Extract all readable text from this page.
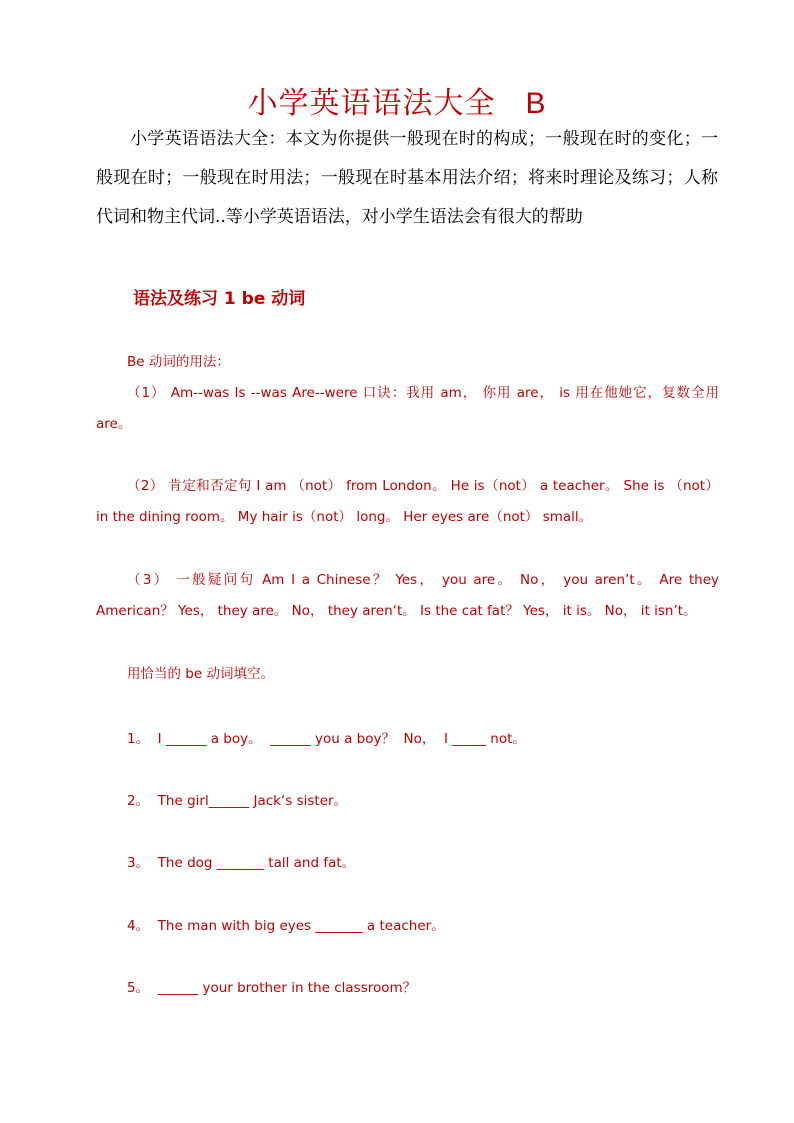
小学英语语法大全 B
小学英语语法大全：本文为你提供一般现在时的构成；一般现在时的变化；一般现在时；一般现在时用法；一般现在时基本用法介绍；将来时理论及练习；人称代词和物主代词..等小学英语语法，对小学生语法会有很大的帮助
语法及练习 1 be 动词
Be 动词的用法：
（1） Am--was Is --was Are--were 口诀：我用 am， 你用 are， is 用在他她它，复数全用 are。
（2） 肯定和否定句 I am （not） from London。 He is（not） a teacher。 She is （not） in the dining room。 My hair is（not） long。 Her eyes are（not） small。
（3） 一般疑问句 Am I a Chinese？ Yes， you are。 No， you aren’t。 Are they American？ Yes， they are。 No， they aren‘t。 Is the cat fat？ Yes， it is。 No， it isn’t。
用恰当的 be 动词填空。
1。  I ______ a boy。  ______ you a boy？  No，  I _____ not。
2。  The girl______ Jack‘s sister。
3。  The dog _______ tall and fat。
4。  The man with big eyes _______ a teacher。
5。  ______ your brother in the classroom？
